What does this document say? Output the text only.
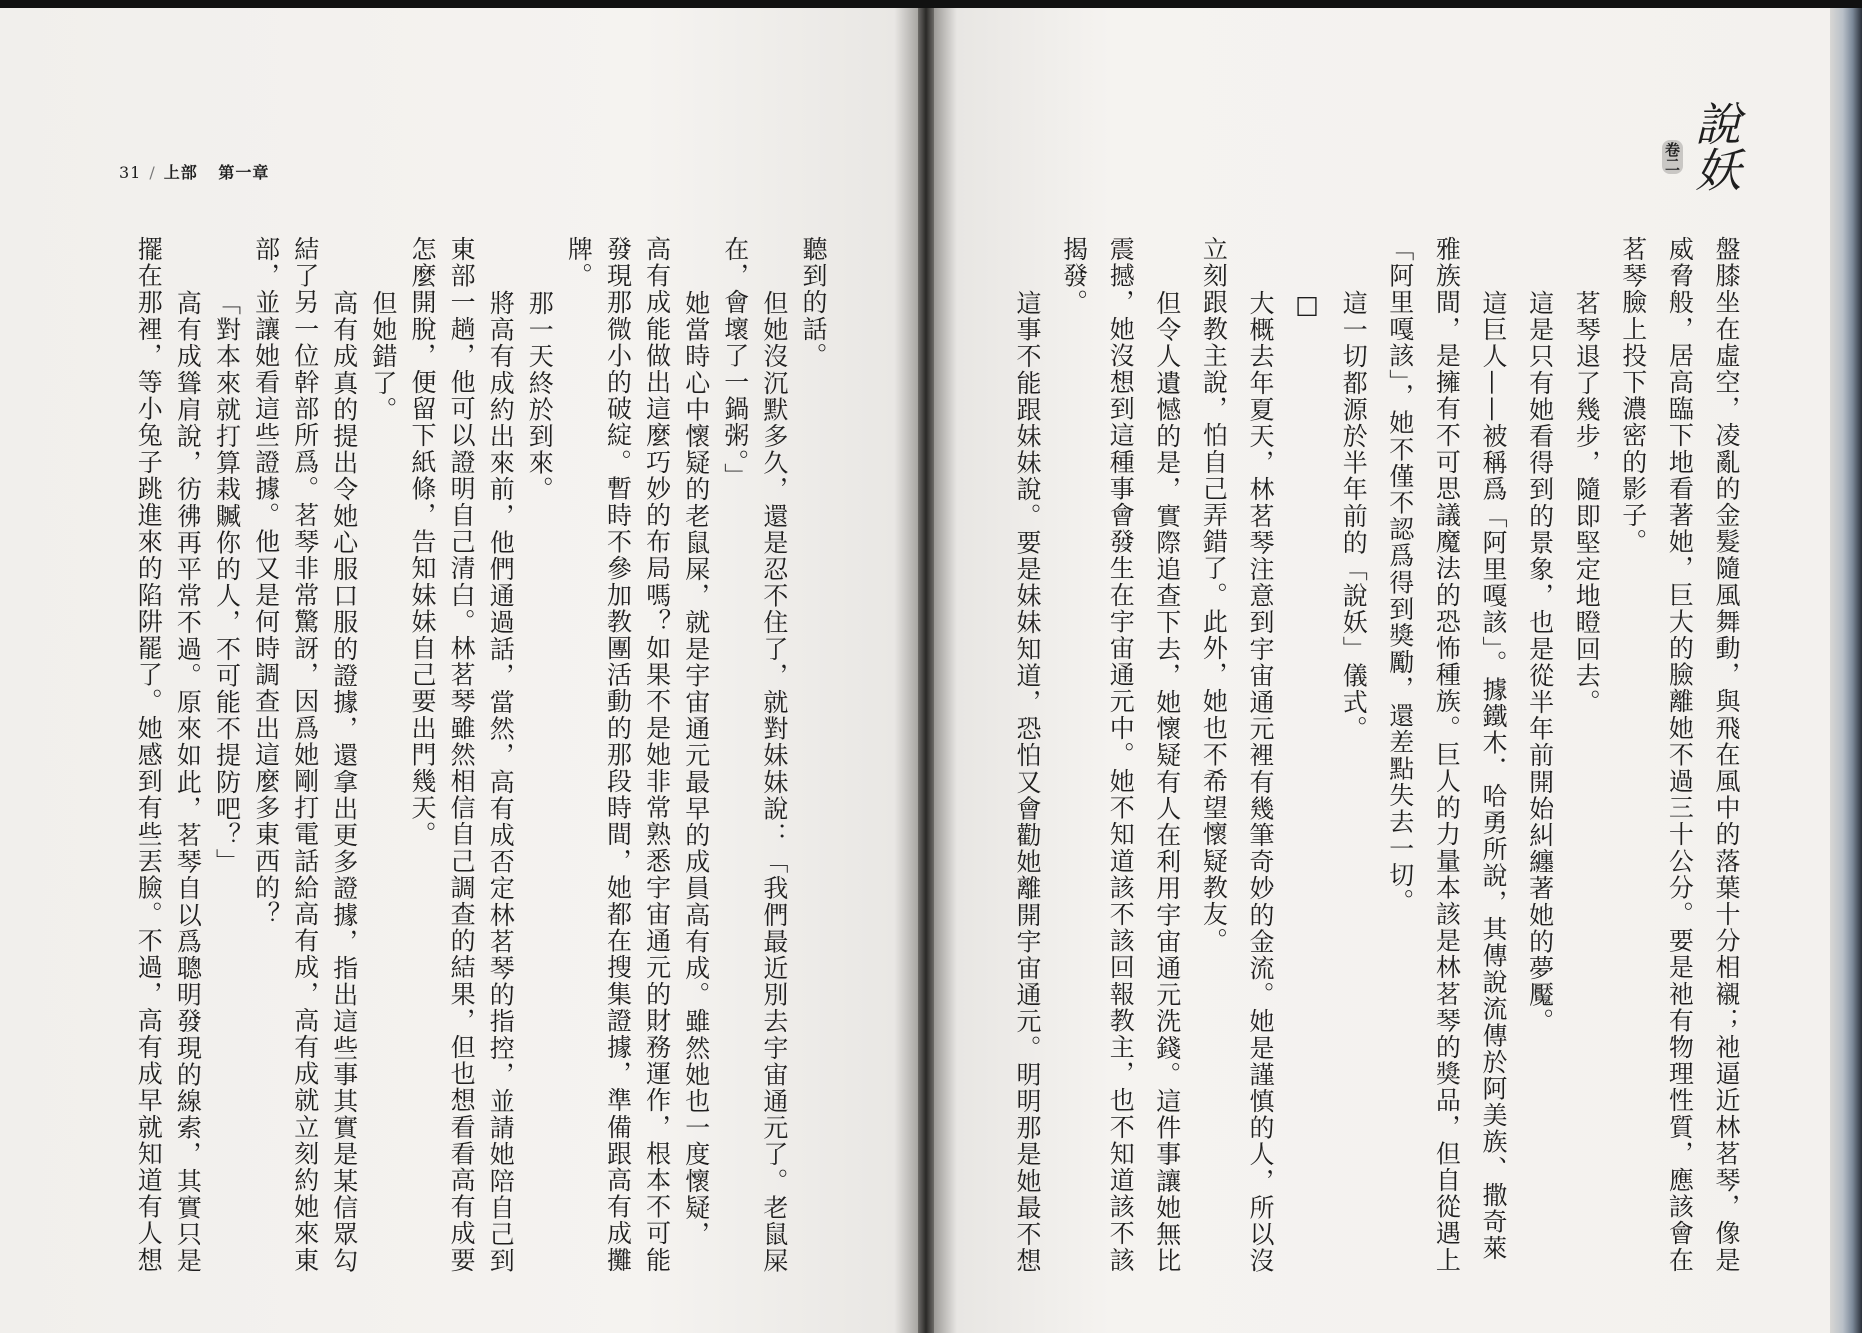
31 / 上部 第一章	說妖
卷二
聽到的話。
但她沒沉默多久，還是忍不住了，就對妹妹說：「我們最近別去宇宙通元了。老鼠屎
在，會壞了一鍋粥。」
她當時心中懷疑的老鼠屎，就是宇宙通元最早的成員高有成。雖然她也一度懷疑，
高有成能做出這麼巧妙的布局嗎？如果不是她非常熟悉宇宙通元的財務運作，根本不可能
發現那微小的破綻。暫時不參加教團活動的那段時間，她都在搜集證據，準備跟高有成攤
牌。
那一天終於到來。
將高有成約出來前，他們通過話，當然，高有成否定林茗琴的指控，並請她陪自己到
東部一趟，他可以證明自己清白。林茗琴雖然相信自己調查的結果，但也想看看高有成要
怎麼開脫，便留下紙條，告知妹妹自己要出門幾天。
但她錯了。
高有成真的提出令她心服口服的證據，還拿出更多證據，指出這些事其實是某信眾勾
結了另一位幹部所爲。茗琴非常驚訝，因爲她剛打電話給高有成，高有成就立刻約她來東
部，並讓她看這些證據。他又是何時調查出這麼多東西的？
「對本來就打算栽贓你的人，不可能不提防吧？」
高有成聳肩說，彷彿再平常不過。原來如此，茗琴自以爲聰明發現的線索，其實只是
擺在那裡，等小兔子跳進來的陷阱罷了。她感到有些丟臉。不過，高有成早就知道有人想	盤膝坐在虛空，凌亂的金髮隨風舞動，與飛在風中的落葉十分相襯；祂逼近林茗琴，像是
威脅般，居高臨下地看著她，巨大的臉離她不過三十公分。要是祂有物理性質，應該會在
茗琴臉上投下濃密的影子。
茗琴退了幾步，隨即堅定地瞪回去。
這是只有她看得到的景象，也是從半年前開始糾纏著她的夢魘。
這巨人——被稱爲「阿里嘎該」。據鐵木．哈勇所說，其傳說流傳於阿美族、撒奇萊
雅族間，是擁有不可思議魔法的恐怖種族。巨人的力量本該是林茗琴的獎品，但自從遇上
「阿里嘎該」，她不僅不認爲得到獎勵，還差點失去一切。
這一切都源於半年前的「說妖」儀式。
□
大概去年夏天，林茗琴注意到宇宙通元裡有幾筆奇妙的金流。她是謹慎的人，所以沒
立刻跟教主說，怕自己弄錯了。此外，她也不希望懷疑教友。
但令人遺憾的是，實際追查下去，她懷疑有人在利用宇宙通元洗錢。這件事讓她無比
震撼，她沒想到這種事會發生在宇宙通元中。她不知道該不該回報教主，也不知道該不該
揭發。
這事不能跟妹妹說。要是妹妹知道，恐怕又會勸她離開宇宙通元。明明那是她最不想
